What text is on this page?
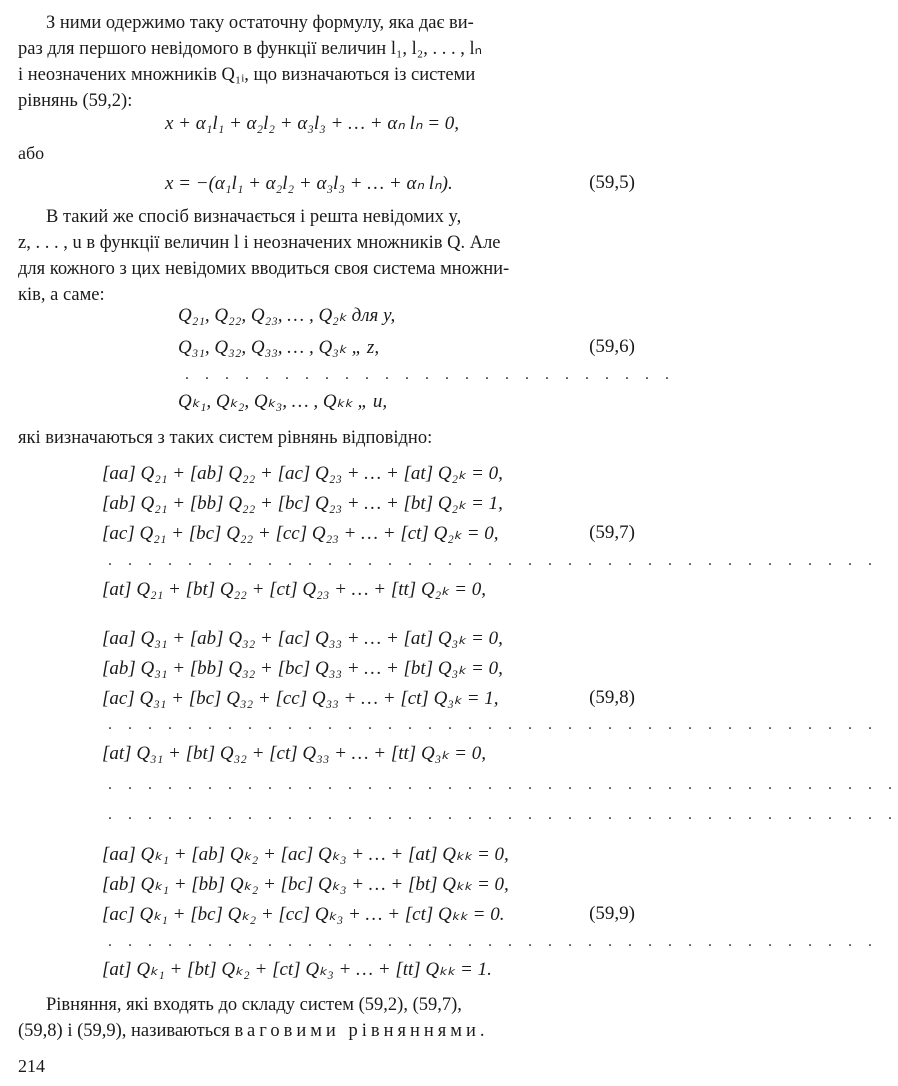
З ними одержимо таку остаточну формулу, яка дає ви-
раз для першого невідомого в функції величин l₁, l₂, . . . , lₙ
і неозначених множників Q₁ᵢ, що визначаються із системи
рівнянь (59,2):
x + α₁l₁ + α₂l₂ + α₃l₃ + … + αₙ lₙ = 0,
або
x = −(α₁l₁ + α₂l₂ + α₃l₃ + … + αₙ lₙ).	(59,5)
В такий же спосіб визначається і решта невідомих y,
z, . . . , u в функції величин l і неозначених множників Q. Але
для кожного з цих невідомих вводиться своя система множни-
ків, а саме:
Q₂₁, Q₂₂, Q₂₃, … , Q₂ₖ для y,
Q₃₁, Q₃₂, Q₃₃, … , Q₃ₖ „ z,	(59,6)
. . . . . . . . . . . . . . . . . . . . . . . . .
Qₖ₁, Qₖ₂, Qₖ₃, … , Qₖₖ „ u,
які визначаються з таких систем рівнянь відповідно:
[aa] Q₂₁ + [ab] Q₂₂ + [ac] Q₂₃ + … + [at] Q₂ₖ = 0,
[ab] Q₂₁ + [bb] Q₂₂ + [bc] Q₂₃ + … + [bt] Q₂ₖ = 1,
[ac] Q₂₁ + [bc] Q₂₂ + [cc] Q₂₃ + … + [ct] Q₂ₖ = 0,	(59,7)
. . . . . . . . . . . . . . . . . . . . . . . . . . . . . . . . . . . . . . .
[at] Q₂₁ + [bt] Q₂₂ + [ct] Q₂₃ + … + [tt] Q₂ₖ = 0,
[aa] Q₃₁ + [ab] Q₃₂ + [ac] Q₃₃ + … + [at] Q₃ₖ = 0,
[ab] Q₃₁ + [bb] Q₃₂ + [bc] Q₃₃ + … + [bt] Q₃ₖ = 0,
[ac] Q₃₁ + [bc] Q₃₂ + [cc] Q₃₃ + … + [ct] Q₃ₖ = 1,	(59,8)
. . . . . . . . . . . . . . . . . . . . . . . . . . . . . . . . . . . . . . .
[at] Q₃₁ + [bt] Q₃₂ + [ct] Q₃₃ + … + [tt] Q₃ₖ = 0,
. . . . . . . . . . . . . . . . . . . . . . . . . . . . . . . . . . . . . . . .
. . . . . . . . . . . . . . . . . . . . . . . . . . . . . . . . . . . . . . . .
[aa] Qₖ₁ + [ab] Qₖ₂ + [ac] Qₖ₃ + … + [at] Qₖₖ = 0,
[ab] Qₖ₁ + [bb] Qₖ₂ + [bc] Qₖ₃ + … + [bt] Qₖₖ = 0,
[ac] Qₖ₁ + [bc] Qₖ₂ + [cc] Qₖ₃ + … + [ct] Qₖₖ = 0.	(59,9)
. . . . . . . . . . . . . . . . . . . . . . . . . . . . . . . . . . . . . . .
[at] Qₖ₁ + [bt] Qₖ₂ + [ct] Qₖ₃ + … + [tt] Qₖₖ = 1.
Рівняння, які входять до складу систем (59,2), (59,7),
(59,8) і (59,9), називаються ваговими рівняннями.
214
